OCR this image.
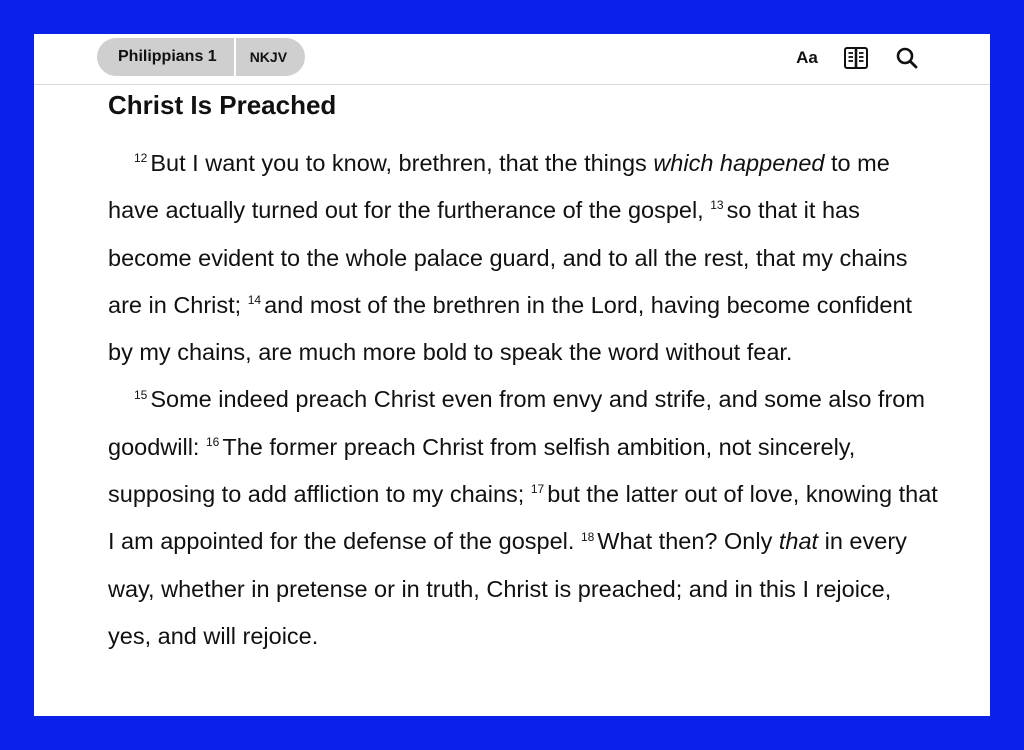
Philippians 1	NKJV	Aa
Christ Is Preached

$^{12}$ But I want you to know, brethren, that the things which happened to me have actually turned out for the furtherance of the gospel, $^{13}$ so that it has become evident to the whole palace guard, and to all the rest, that my chains are in Christ; $^{14}$ and most of the brethren in the Lord, having become confident by my chains, are much more bold to speak the word without fear.

$^{15}$ Some indeed preach Christ even from envy and strife, and some also from goodwill: $^{16}$ The former preach Christ from selfish ambition, not sincerely, supposing to add affliction to my chains; $^{17}$ but the latter out of love, knowing that I am appointed for the defense of the gospel. $^{18}$ What then? Only that in every way, whether in pretense or in truth, Christ is preached; and in this I rejoice, yes, and will rejoice.
